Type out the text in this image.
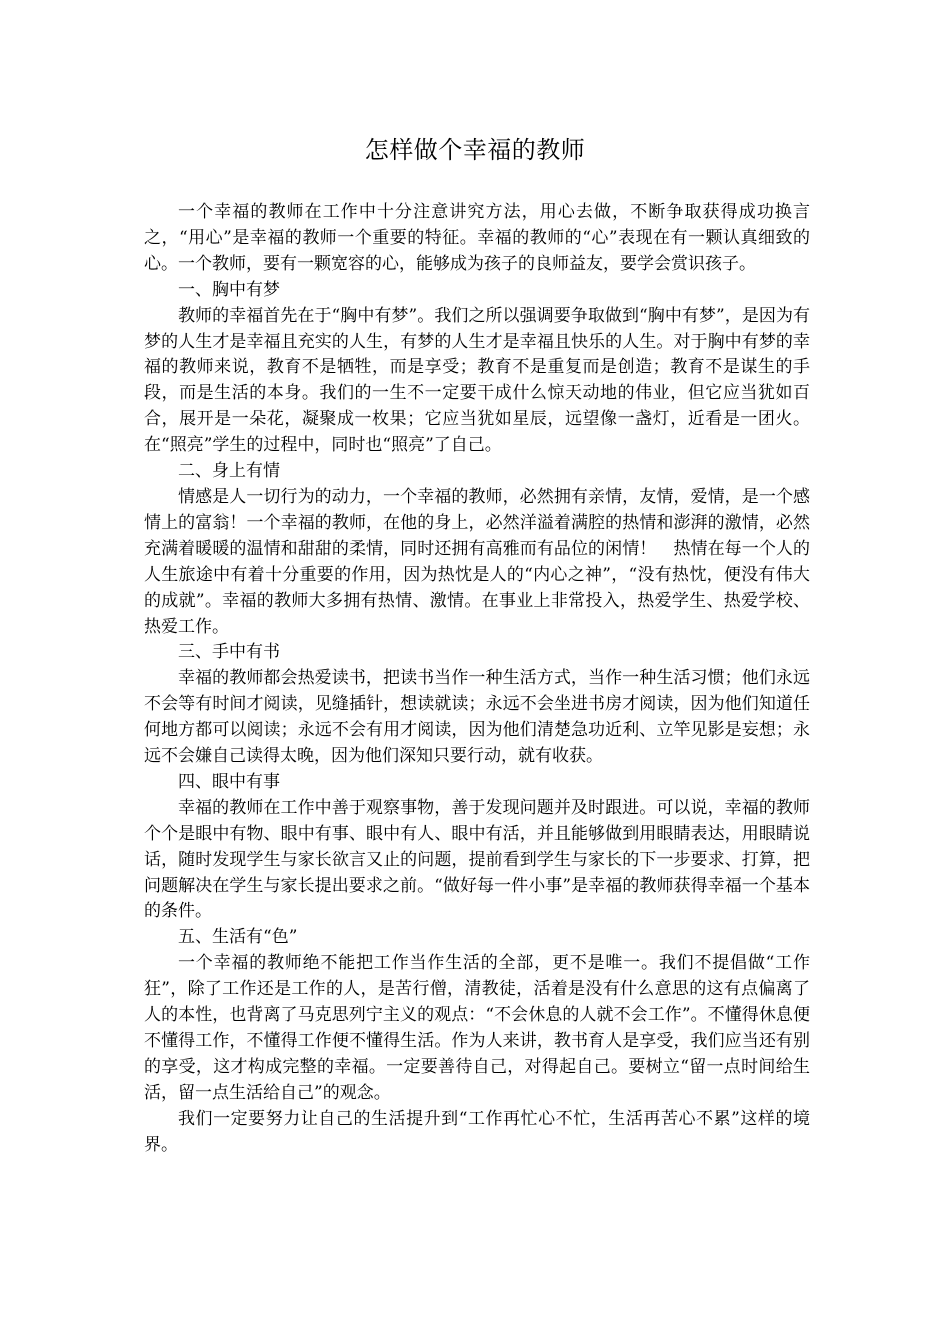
怎样做个幸福的教师

一个幸福的教师在工作中十分注意讲究方法，用心去做，不断争取获得成功换言之，“用心”是幸福的教师一个重要的特征。幸福的教师的“心”表现在有一颗认真细致的心。一个教师，要有一颗宽容的心，能够成为孩子的良师益友，要学会赏识孩子。

一、胸中有梦

教师的幸福首先在于“胸中有梦”。我们之所以强调要争取做到“胸中有梦”，是因为有梦的人生才是幸福且充实的人生，有梦的人生才是幸福且快乐的人生。对于胸中有梦的幸福的教师来说，教育不是牺牲，而是享受；教育不是重复而是创造；教育不是谋生的手段，而是生活的本身。我们的一生不一定要干成什么惊天动地的伟业，但它应当犹如百合，展开是一朵花，凝聚成一枚果；它应当犹如星辰，远望像一盏灯，近看是一团火。在“照亮”学生的过程中，同时也“照亮”了自己。

二、身上有情

情感是人一切行为的动力，一个幸福的教师，必然拥有亲情，友情，爱情，是一个感情上的富翁！一个幸福的教师，在他的身上，必然洋溢着满腔的热情和澎湃的激情，必然充满着暖暖的温情和甜甜的柔情，同时还拥有高雅而有品位的闲情！　热情在每一个人的人生旅途中有着十分重要的作用，因为热忱是人的“内心之神”，“没有热忱，便没有伟大的成就”。幸福的教师大多拥有热情、激情。在事业上非常投入，热爱学生、热爱学校、热爱工作。

三、手中有书

幸福的教师都会热爱读书，把读书当作一种生活方式，当作一种生活习惯；他们永远不会等有时间才阅读，见缝插针，想读就读；永远不会坐进书房才阅读，因为他们知道任何地方都可以阅读；永远不会有用才阅读，因为他们清楚急功近利、立竿见影是妄想；永远不会嫌自己读得太晚，因为他们深知只要行动，就有收获。

四、眼中有事

幸福的教师在工作中善于观察事物，善于发现问题并及时跟进。可以说，幸福的教师个个是眼中有物、眼中有事、眼中有人、眼中有活，并且能够做到用眼睛表达，用眼睛说话，随时发现学生与家长欲言又止的问题，提前看到学生与家长的下一步要求、打算，把问题解决在学生与家长提出要求之前。“做好每一件小事”是幸福的教师获得幸福一个基本的条件。

五、生活有“色”

一个幸福的教师绝不能把工作当作生活的全部，更不是唯一。我们不提倡做“工作狂”，除了工作还是工作的人，是苦行僧，清教徒，活着是没有什么意思的这有点偏离了人的本性，也背离了马克思列宁主义的观点：“不会休息的人就不会工作”。不懂得休息便不懂得工作，不懂得工作便不懂得生活。作为人来讲，教书育人是享受，我们应当还有别的享受，这才构成完整的幸福。一定要善待自己，对得起自己。要树立“留一点时间给生活，留一点生活给自己”的观念。

我们一定要努力让自己的生活提升到“工作再忙心不忙，生活再苦心不累”这样的境界。
